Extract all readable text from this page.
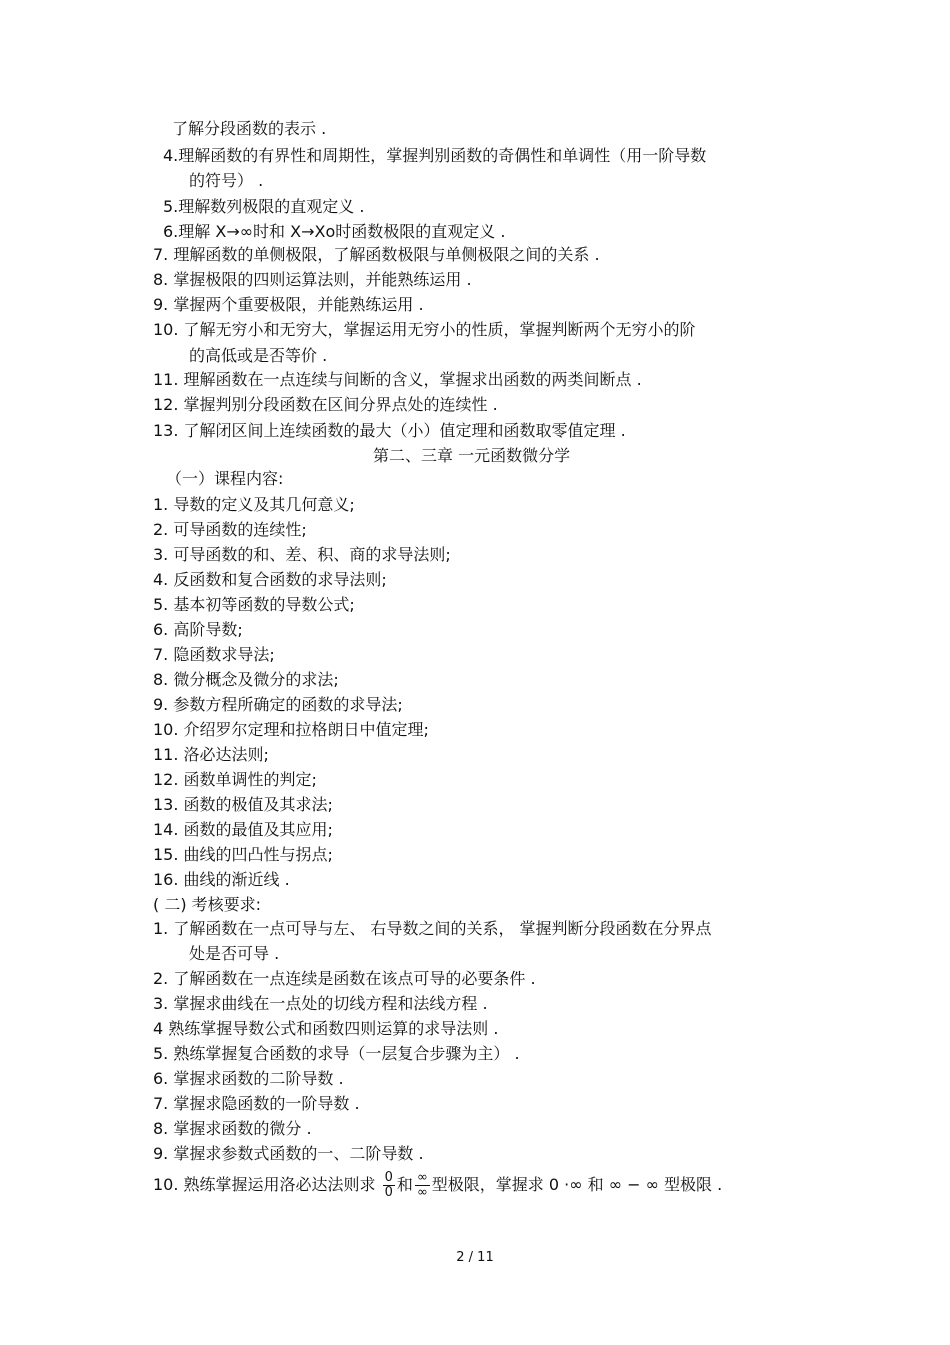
了解分段函数的表示 .
4.理解函数的有界性和周期性，掌握判别函数的奇偶性和单调性（用一阶导数
的符号） .
5.理解数列极限的直观定义 .
6.理解 X→∞时和 X→Xo时函数极限的直观定义 .
7. 理解函数的单侧极限，了解函数极限与单侧极限之间的关系 .
8. 掌握极限的四则运算法则，并能熟练运用 .
9. 掌握两个重要极限，并能熟练运用 .
10. 了解无穷小和无穷大，掌握运用无穷小的性质，掌握判断两个无穷小的阶
的高低或是否等价 .
11. 理解函数在一点连续与间断的含义，掌握求出函数的两类间断点 .
12. 掌握判别分段函数在区间分界点处的连续性 .
13. 了解闭区间上连续函数的最大（小）值定理和函数取零值定理 .
第二、三章 一元函数微分学
（一）课程内容:
1. 导数的定义及其几何意义;
2. 可导函数的连续性;
3. 可导函数的和、差、积、商的求导法则;
4. 反函数和复合函数的求导法则;
5. 基本初等函数的导数公式;
6. 高阶导数;
7. 隐函数求导法;
8. 微分概念及微分的求法;
9. 参数方程所确定的函数的求导法;
10. 介绍罗尔定理和拉格朗日中值定理;
11. 洛必达法则;
12. 函数单调性的判定;
13. 函数的极值及其求法;
14. 函数的最值及其应用;
15. 曲线的凹凸性与拐点;
16. 曲线的渐近线 .
( 二) 考核要求:
1. 了解函数在一点可导与左、 右导数之间的关系， 掌握判断分段函数在分界点
处是否可导 .
2. 了解函数在一点连续是函数在该点可导的必要条件 .
3. 掌握求曲线在一点处的切线方程和法线方程 .
4 熟练掌握导数公式和函数四则运算的求导法则 .
5. 熟练掌握复合函数的求导（一层复合步骤为主） .
6. 掌握求函数的二阶导数 .
7. 掌握求隐函数的一阶导数 .
8. 掌握求函数的微分 .
9. 掌握求参数式函数的一、二阶导数 .
10. 熟练掌握运用洛必达法则求 $\frac{0}{0}$ 和 $\frac{\infty}{\infty}$ 型极限，掌握求 0 ·∞ 和 ∞ − ∞ 型极限 .
2 / 11
